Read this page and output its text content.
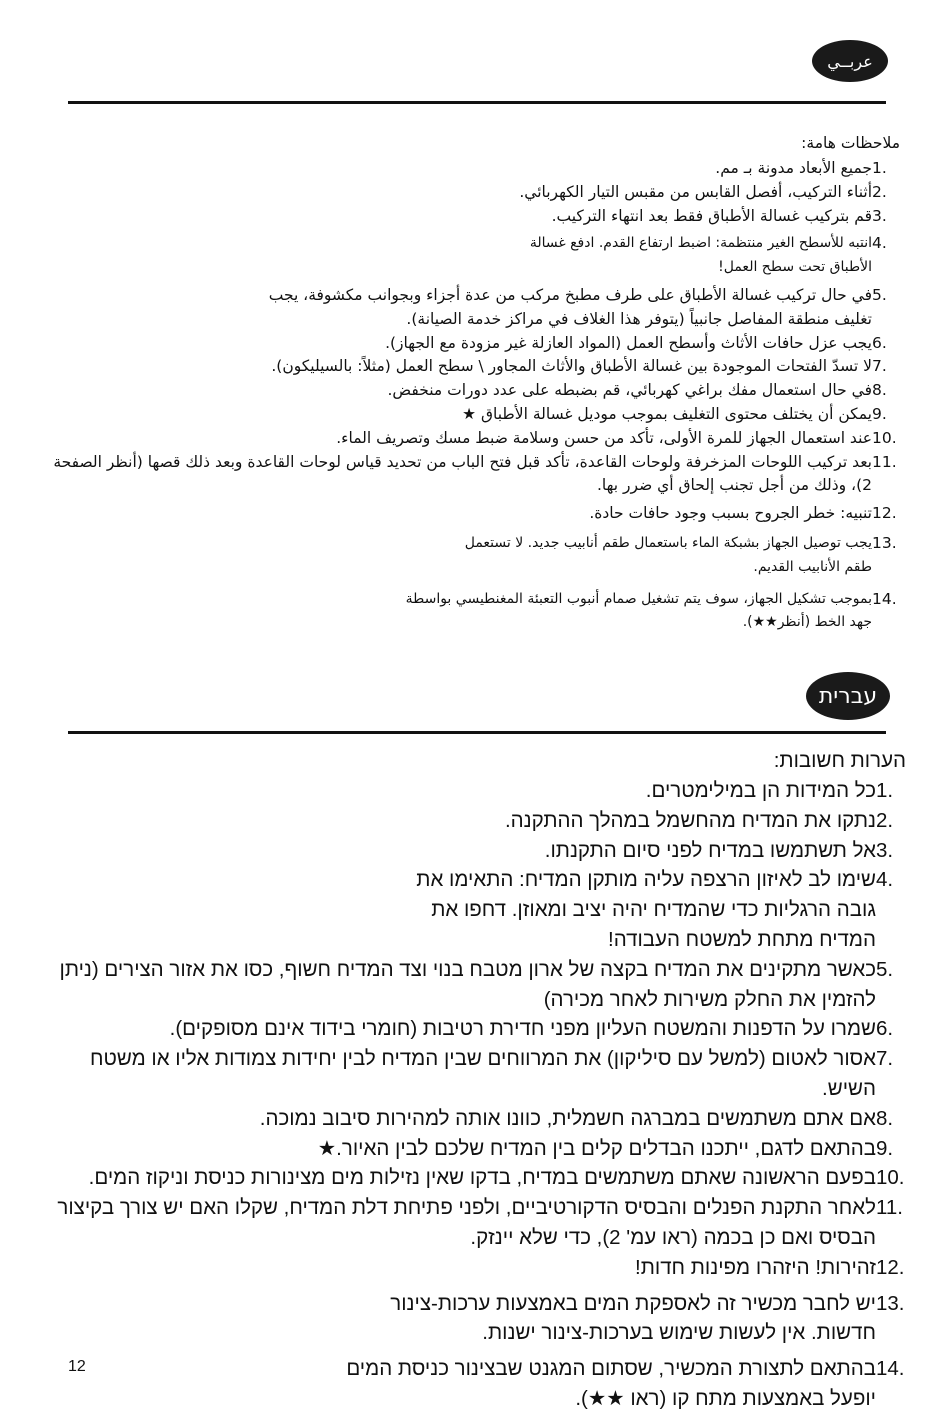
عربــي

ملاحظات هامة:

1.
جميع الأبعاد مدونة بـ مم.
2.
أثناء التركيب، أفصل القابس من مقبس التيار الكهربائي.
3.
قم بتركيب غسالة الأطباق فقط بعد انتهاء التركيب.
4.
انتبه للأسطح الغير منتظمة: اضبط ارتفاع القدم. ادفع غسالة الأطباق تحت سطح العمل!
5.
في حال تركيب غسالة الأطباق على طرف مطبخ مركب من عدة أجزاء وبجوانب مكشوفة، يجب تغليف منطقة المفاصل جانبياً (يتوفر هذا الغلاف في مراكز خدمة الصيانة).
6.
يجب عزل حافات الأثاث وأسطح العمل (المواد العازلة غير مزودة مع الجهاز).
7.
لا تسدّ الفتحات الموجودة بين غسالة الأطباق والأثاث المجاور \ سطح العمل (مثلاً: بالسيليكون).
8.
في حال استعمال مفك براغي كهربائي، قم بضبطه على عدد دورات منخفض.
9.
يمكن أن يختلف محتوى التغليف بموجب موديل غسالة الأطباق ★
10.
عند استعمال الجهاز للمرة الأولى، تأكد من حسن وسلامة ضبط مسك وتصريف الماء.
11.
بعد تركيب اللوحات المزخرفة ولوحات القاعدة، تأكد قبل فتح الباب من تحديد قياس لوحات القاعدة وبعد ذلك قصها (أنظر الصفحة 2)، وذلك من أجل تجنب إلحاق أي ضرر بها.
12.
تنبيه: خطر الجروح بسبب وجود حافات حادة.
13.
يجب توصيل الجهاز بشبكة الماء باستعمال طقم أنابيب جديد. لا تستعمل طقم الأنابيب القديم.
14.
بموجب تشكيل الجهاز، سوف يتم تشغيل صمام أنبوب التعبئة المغنطيسي بواسطة جهد الخط (أنظر★★).
עברית

הערות חשובות:

1.
כל המידות הן במילימטרים.
2.
נתקו את המדיח מהחשמל במהלך ההתקנה.
3.
אל תשתמשו במדיח לפני סיום התקנתו.
4.
שימו לב לאיזון הרצפה עליה מותקן המדיח: התאימו את גובה הרגליות כדי שהמדיח יהיה יציב ומאוזן. דחפו את המדיח מתחת למשטח העבודה!
5.
כאשר מתקינים את המדיח בקצה של ארון מטבח בנוי וצד המדיח חשוף, כסו את אזור הצירים (ניתן להזמין את החלק משירות לאחר מכירה)
6.
שמרו על הדפנות והמשטח העליון מפני חדירת רטיבות (חומרי בידוד אינם מסופקים).
7.
אסור לאטום (למשל עם סיליקון) את המרווחים שבין המדיח לבין יחידות צמודות אליו או משטח השיש.
8.
אם אתם משתמשים במברגה חשמלית, כוונו אותה למהירות סיבוב נמוכה.
9.
בהתאם לדגם, ייתכנו הבדלים קלים בין המדיח שלכם לבין האיור.★
10.
בפעם הראשונה שאתם משתמשים במדיח, בדקו שאין נזילות מים מצינורות כניסת וניקוז המים.
11.
לאחר התקנת הפנלים והבסיס הדקורטיביים, ולפני פתיחת דלת המדיח, שקלו האם יש צורך בקיצור הבסיס ואם כן בכמה (ראו עמ' 2), כדי שלא יינזק.
12.
זהירות! היזהרו מפינות חדות!
13.
יש לחבר מכשיר זה לאספקת המים באמצעות ערכות-צינור חדשות. אין לעשות שימוש בערכות-צינור ישנות.
14.
בהתאם לתצורת המכשיר, שסתום המגנט שבצינור כניסת המים יופעל באמצעות מתח קו (ראו ★★).
12
